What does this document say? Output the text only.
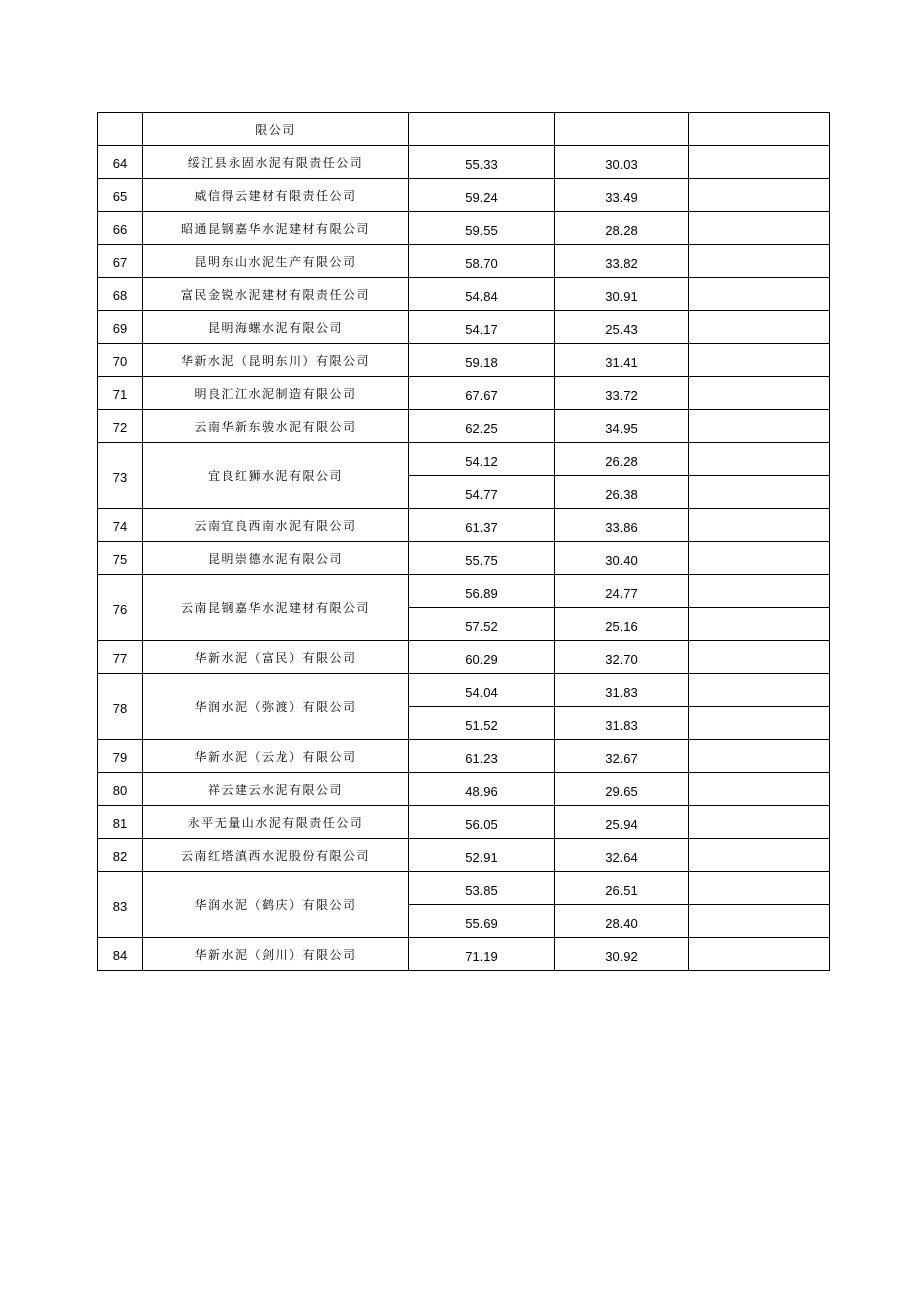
	限公司			
64	绥江县永固水泥有限责任公司	55.33	30.03	
65	威信得云建材有限责任公司	59.24	33.49	
66	昭通昆钢嘉华水泥建材有限公司	59.55	28.28	
67	昆明东山水泥生产有限公司	58.70	33.82	
68	富民金锐水泥建材有限责任公司	54.84	30.91	
69	昆明海螺水泥有限公司	54.17	25.43	
70	华新水泥（昆明东川）有限公司	59.18	31.41	
71	明良汇江水泥制造有限公司	67.67	33.72	
72	云南华新东骏水泥有限公司	62.25	34.95	
73	宜良红狮水泥有限公司	54.12	26.28	
		54.77	26.38	
74	云南宜良西南水泥有限公司	61.37	33.86	
75	昆明崇德水泥有限公司	55.75	30.40	
76	云南昆钢嘉华水泥建材有限公司	56.89	24.77	
		57.52	25.16	
77	华新水泥（富民）有限公司	60.29	32.70	
78	华润水泥（弥渡）有限公司	54.04	31.83	
		51.52	31.83	
79	华新水泥（云龙）有限公司	61.23	32.67	
80	祥云建云水泥有限公司	48.96	29.65	
81	永平无量山水泥有限责任公司	56.05	25.94	
82	云南红塔滇西水泥股份有限公司	52.91	32.64	
83	华润水泥（鹤庆）有限公司	53.85	26.51	
		55.69	28.40	
84	华新水泥（剑川）有限公司	71.19	30.92	
